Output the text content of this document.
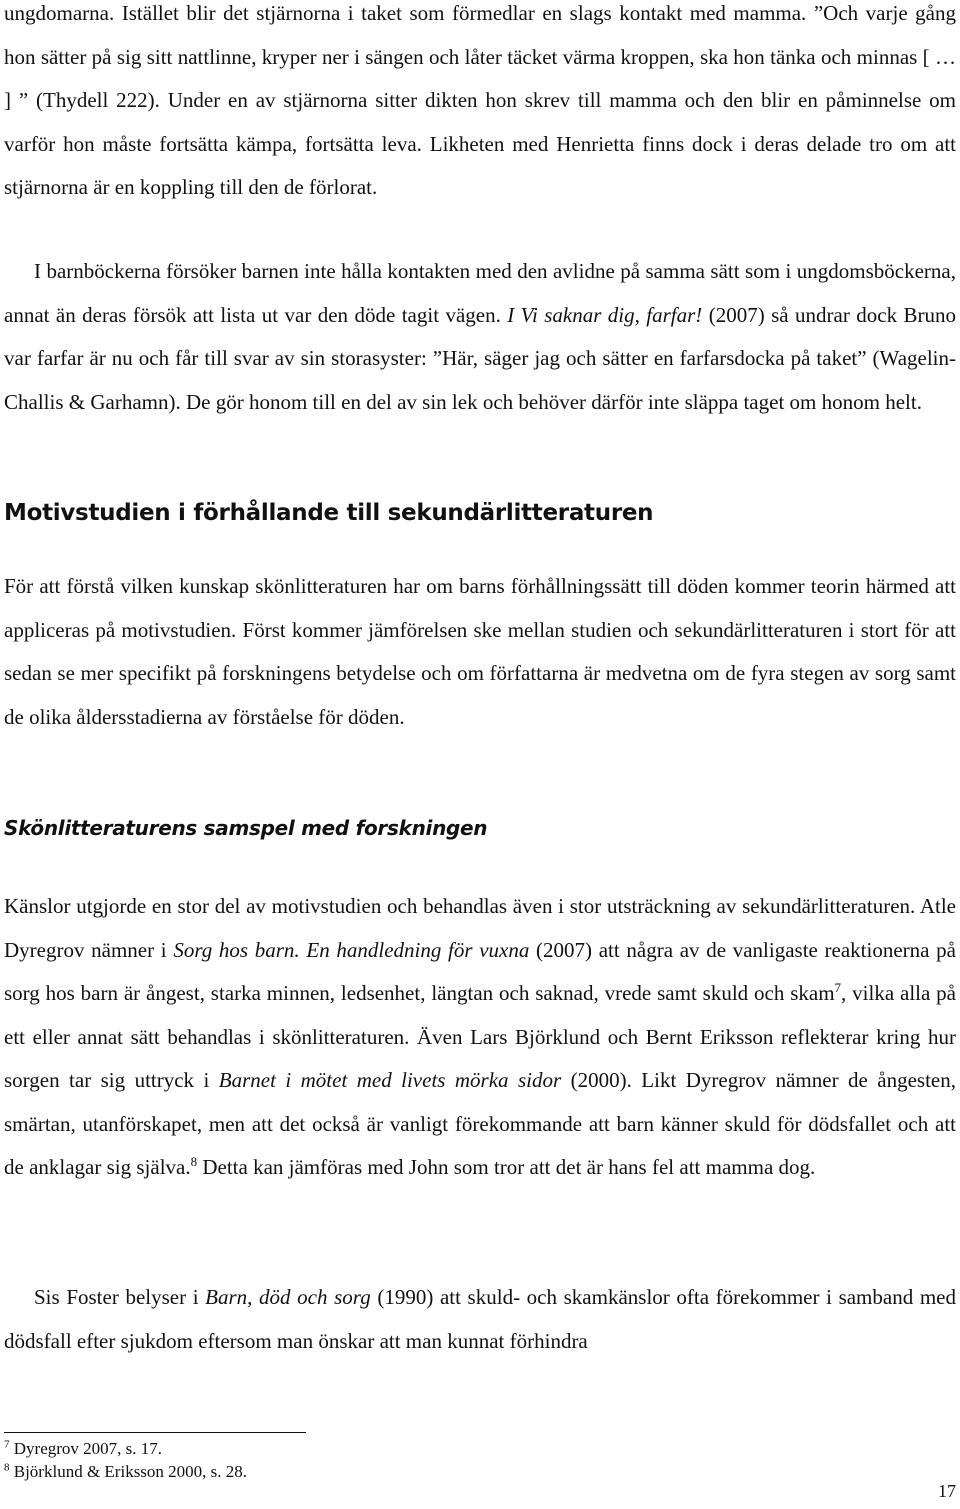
ungdomarna. Istället blir det stjärnorna i taket som förmedlar en slags kontakt med mamma. ”Och varje gång hon sätter på sig sitt nattlinne, kryper ner i sängen och låter täcket värma kroppen, ska hon tänka och minnas [ … ] ” (Thydell 222). Under en av stjärnorna sitter dikten hon skrev till mamma och den blir en påminnelse om varför hon måste fortsätta kämpa, fortsätta leva. Likheten med Henrietta finns dock i deras delade tro om att stjärnorna är en koppling till den de förlorat.

I barnböckerna försöker barnen inte hålla kontakten med den avlidne på samma sätt som i ungdomsböckerna, annat än deras försök att lista ut var den döde tagit vägen. I Vi saknar dig, farfar! (2007) så undrar dock Bruno var farfar är nu och får till svar av sin storasyster: ”Här, säger jag och sätter en farfarsdocka på taket” (Wagelin-Challis & Garhamn). De gör honom till en del av sin lek och behöver därför inte släppa taget om honom helt.

Motivstudien i förhållande till sekundärlitteraturen

För att förstå vilken kunskap skönlitteraturen har om barns förhållningssätt till döden kommer teorin härmed att appliceras på motivstudien. Först kommer jämförelsen ske mellan studien och sekundärlitteraturen i stort för att sedan se mer specifikt på forskningens betydelse och om författarna är medvetna om de fyra stegen av sorg samt de olika åldersstadierna av förståelse för döden.

Skönlitteraturens samspel med forskningen

Känslor utgjorde en stor del av motivstudien och behandlas även i stor utsträckning av sekundärlitteraturen. Atle Dyregrov nämner i Sorg hos barn. En handledning för vuxna (2007) att några av de vanligaste reaktionerna på sorg hos barn är ångest, starka minnen, ledsenhet, längtan och saknad, vrede samt skuld och skam$^7$, vilka alla på ett eller annat sätt behandlas i skönlitteraturen. Även Lars Björklund och Bernt Eriksson reflekterar kring hur sorgen tar sig uttryck i Barnet i mötet med livets mörka sidor (2000). Likt Dyregrov nämner de ångesten, smärtan, utanförskapet, men att det också är vanligt förekommande att barn känner skuld för dödsfallet och att de anklagar sig själva.$^8$ Detta kan jämföras med John som tror att det är hans fel att mamma dog.

Sis Foster belyser i Barn, död och sorg (1990) att skuld- och skamkänslor ofta förekommer i samband med dödsfall efter sjukdom eftersom man önskar att man kunnat förhindra

$^7$ Dyregrov 2007, s. 17.

$^8$ Björklund & Eriksson 2000, s. 28.

17
